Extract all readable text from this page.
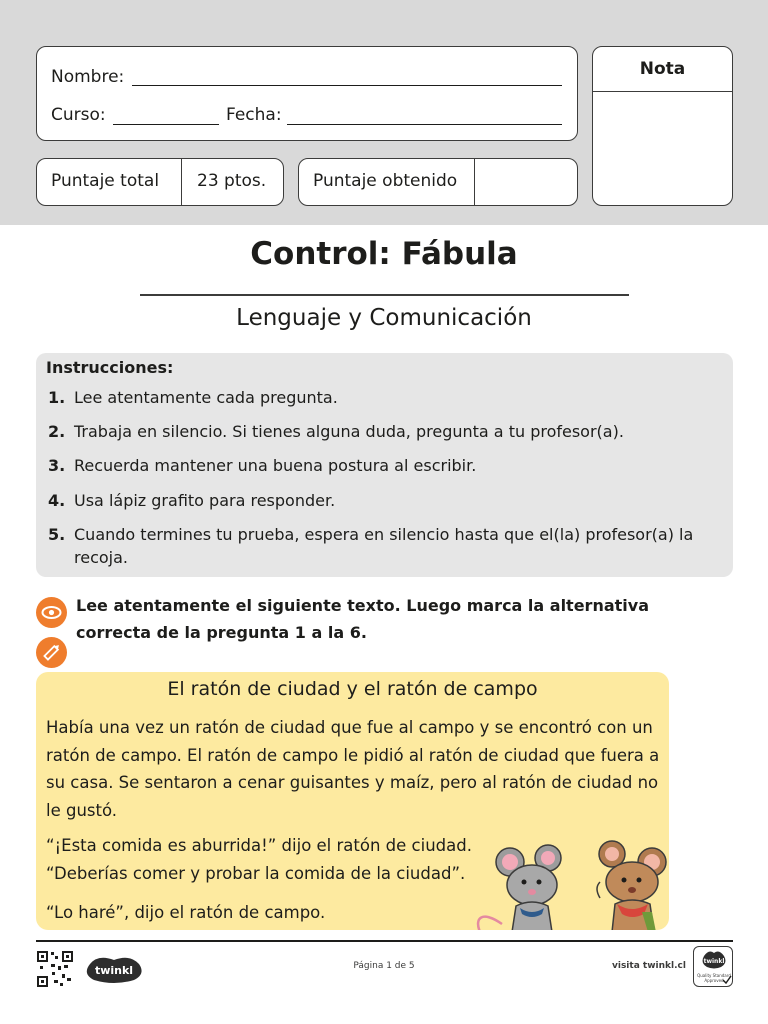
Nombre:
Curso:	Fecha:
Nota
Puntaje total 23 ptos.	Puntaje obtenido
Control: Fábula
Lenguaje y Comunicación
Instrucciones:
1. Lee atentamente cada pregunta.
2. Trabaja en silencio. Si tienes alguna duda, pregunta a tu profesor(a).
3. Recuerda mantener una buena postura al escribir.
4. Usa lápiz grafito para responder.
5. Cuando termines tu prueba, espera en silencio hasta que el(la) profesor(a) la recoja.
Lee atentamente el siguiente texto. Luego marca la alternativa correcta de la pregunta 1 a la 6.
El ratón de ciudad y el ratón de campo
Había una vez un ratón de ciudad que fue al campo y se encontró con un ratón de campo. El ratón de campo le pidió al ratón de ciudad que fuera a su casa. Se sentaron a cenar guisantes y maíz, pero al ratón de ciudad no le gustó.
“¡Esta comida es aburrida!” dijo el ratón de ciudad.
“Deberías comer y probar la comida de la ciudad”.
“Lo haré”, dijo el ratón de campo.
twinkl	Página 1 de 5	visita twinkl.cl	twinkl
Quality Standard Approved
